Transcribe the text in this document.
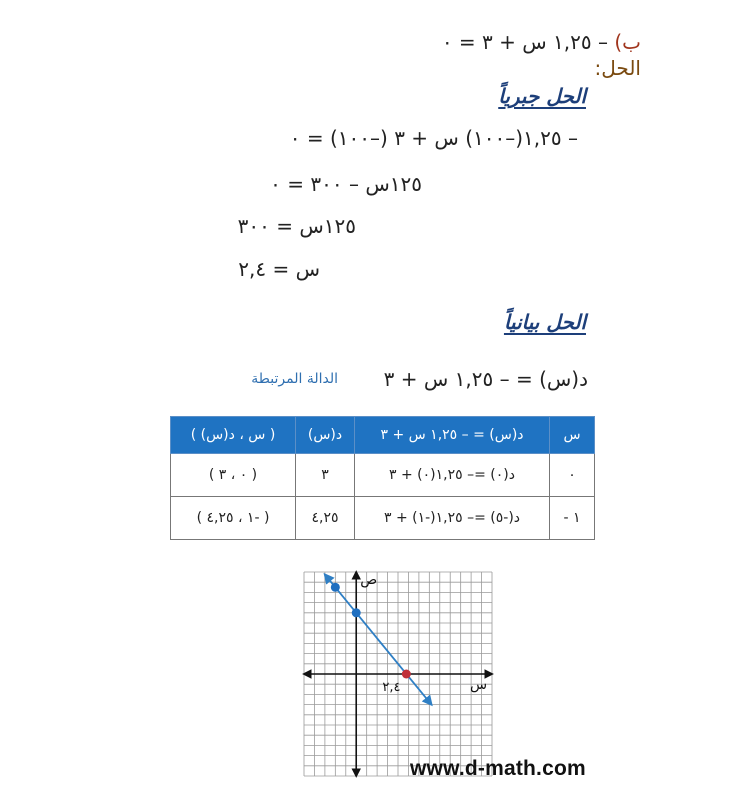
ب) – ١,٢٥ س + ٣ = ٠
الحل:
الحل جبرياً
– ١,٢٥(–١٠٠) س + ٣ (–١٠٠) = ٠
١٢٥س – ٣٠٠ = ٠
١٢٥س = ٣٠٠
س = ٢,٤
الحل بيانياً
د(س) = – ١,٢٥ س + ٣
الدالة المرتبطة
س	د(س) = – ١,٢٥ س + ٣	د(س)	( س ، د(س) )
٠	د(٠) =– ١,٢٥(٠) + ٣	٣	( ٠ ، ٣ )
١ -	د(-٥) =– ١,٢٥(-١) + ٣	٤,٢٥	( -١ ، ٤,٢٥ )
س
ص
٢,٤
www.d-math.com
